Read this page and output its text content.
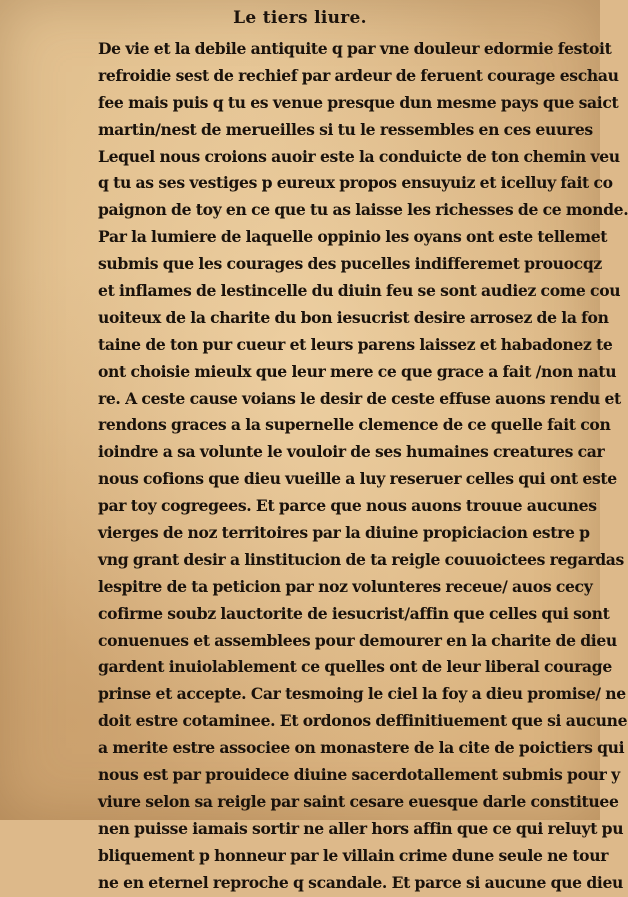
Le tiers liure.
De vie et la debile antiquite q par vne douleur edormie festoit
refroidie sest de rechief par ardeur de feruent courage eschau
fee mais puis q tu es venue presque dun mesme pays que saict
martin/nest de merueilles si tu le ressembles en ces euures
Lequel nous croions auoir este la conduicte de ton chemin veu
q tu as ses vestiges p eureux propos ensuyuiz et icelluy fait co
paignon de toy en ce que tu as laisse les richesses de ce monde.
Par la lumiere de laquelle oppinio les oyans ont este tellemet
submis que les courages des pucelles indifferemet prouocqz
et inflames de lestincelle du diuin feu se sont audiez come cou
uoiteux de la charite du bon iesucrist desire arrosez de la fon
taine de ton pur cueur et leurs parens laissez et habadonez te
ont choisie mieulx que leur mere ce que grace a fait /non natu
re. A ceste cause voians le desir de ceste effuse auons rendu et
rendons graces a la supernelle clemence de ce quelle fait con
ioindre a sa volunte le vouloir de ses humaines creatures car
nous cofions que dieu vueille a luy reseruer celles qui ont este
par toy cogregees. Et parce que nous auons trouue aucunes
vierges de noz territoires par la diuine propiciacion estre p
vng grant desir a linstitucion de ta reigle couuoictees regardas
lespitre de ta peticion par noz volunteres receue/ auos cecy
cofirme soubz lauctorite de iesucrist/affin que celles qui sont
conuenues et assemblees pour demourer en la charite de dieu
gardent inuiolablement ce quelles ont de leur liberal courage
prinse et accepte. Car tesmoing le ciel la foy a dieu promise/ ne
doit estre cotaminee. Et ordonos deffinitiuement que si aucune
a merite estre associee on monastere de la cite de poictiers qui
nous est par prouidece diuine sacerdotallement submis pour y
viure selon sa reigle par saint cesare euesque darle constituee
nen puisse iamais sortir ne aller hors affin que ce qui reluyt pu
bliquement p honneur par le villain crime dune seule ne tour
ne en eternel reproche q scandale. Et parce si aucune que dieu
